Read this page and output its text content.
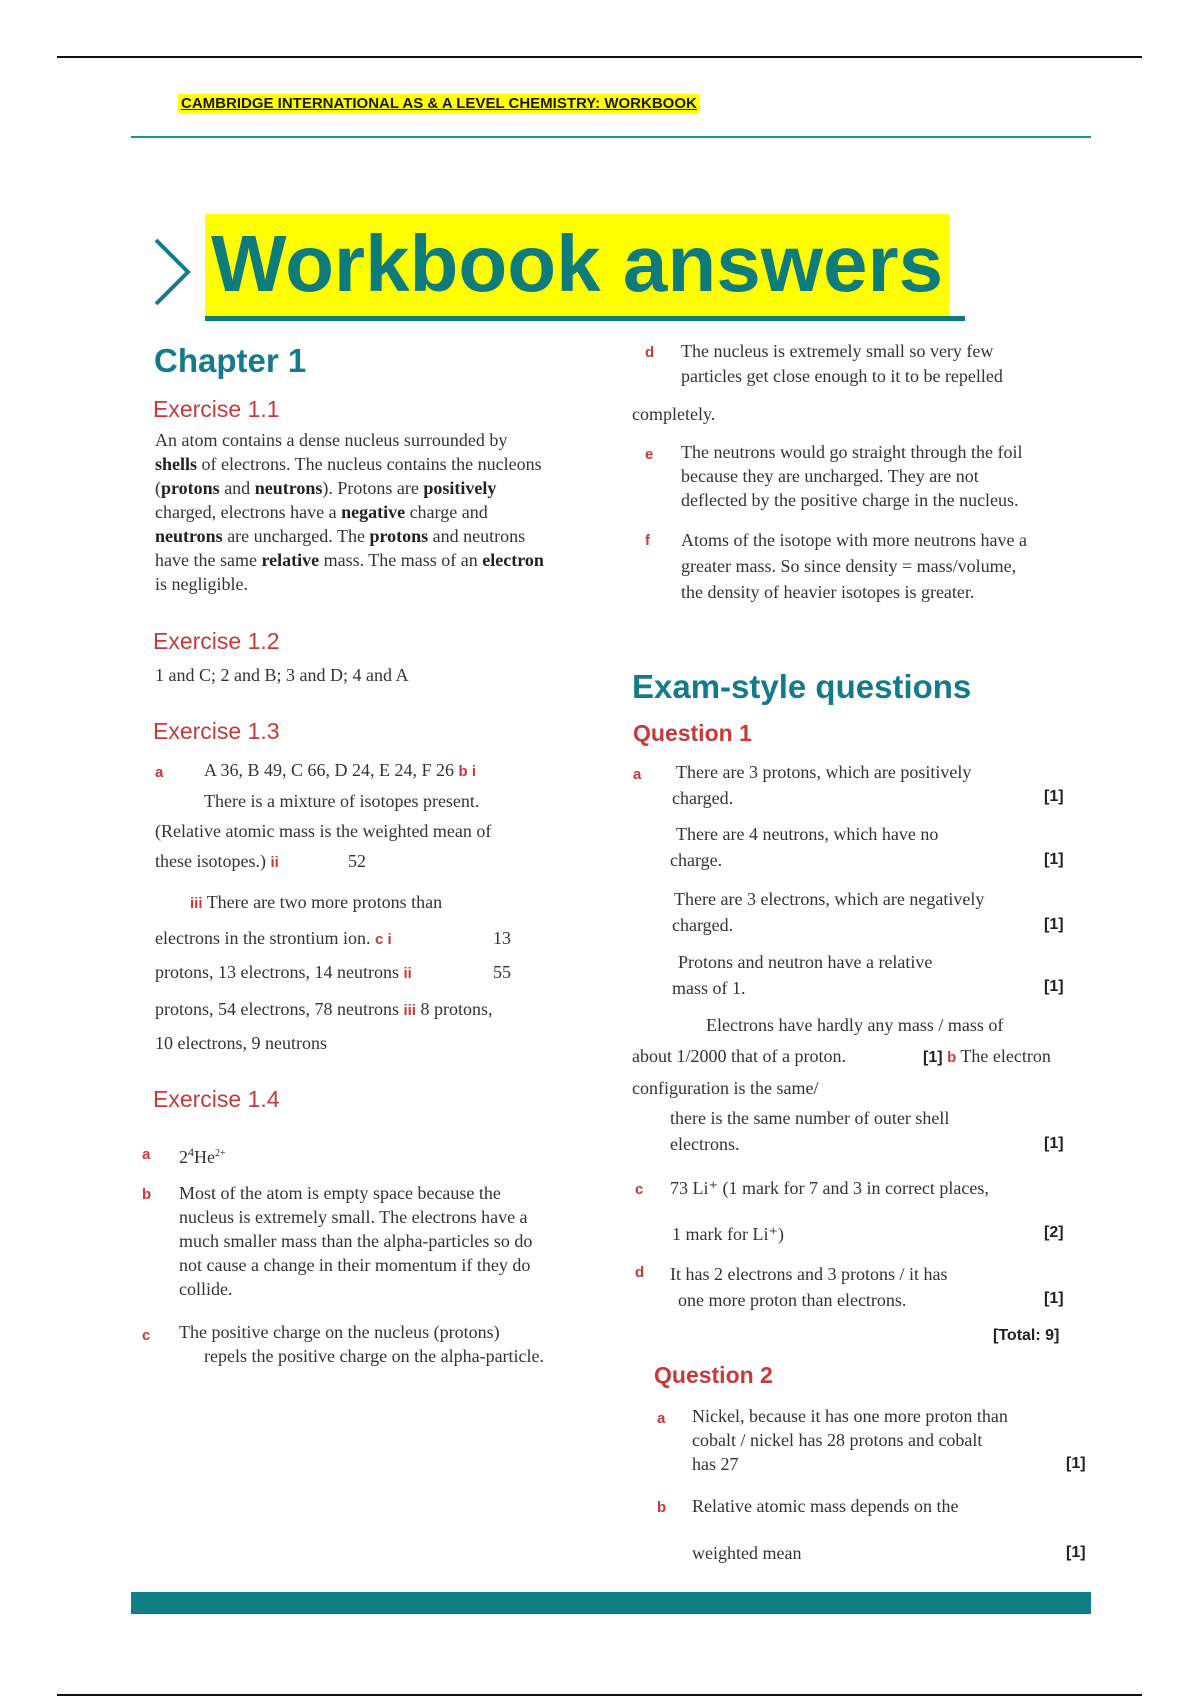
CAMBRIDGE INTERNATIONAL AS & A LEVEL CHEMISTRY: WORKBOOK
Workbook answers
Chapter 1
Exercise 1.1
An atom contains a dense nucleus surrounded by
shells of electrons. The nucleus contains the nucleons
(protons and neutrons). Protons are positively
charged, electrons have a negative charge and
neutrons are uncharged. The protons and neutrons
have the same relative mass. The mass of an electron
is negligible.
Exercise 1.2
1 and C; 2 and B; 3 and D; 4 and A
Exercise 1.3
a A 36, B 49, C 66, D 24, E 24, F 26 b i
There is a mixture of isotopes present.
(Relative atomic mass is the weighted mean of
these isotopes.) ii	52
iii There are two more protons than
electrons in the strontium ion. c i	13
protons, 13 electrons, 14 neutrons ii	55
protons, 54 electrons, 78 neutrons iii 8 protons,
10 electrons, 9 neutrons
Exercise 1.4
a $2^4He^{2+}$
b Most of the atom is empty space because the
nucleus is extremely small. The electrons have a
much smaller mass than the alpha-particles so do
not cause a change in their momentum if they do
collide.
c The positive charge on the nucleus (protons)
repels the positive charge on the alpha-particle.
d The nucleus is extremely small so very few
particles get close enough to it to be repelled
completely.
e The neutrons would go straight through the foil
because they are uncharged. They are not
deflected by the positive charge in the nucleus.
f Atoms of the isotope with more neutrons have a
greater mass. So since density = mass/volume,
the density of heavier isotopes is greater.
Exam-style questions
Question 1
a There are 3 protons, which are positively
charged.	[1]
There are 4 neutrons, which have no
charge.	[1]
There are 3 electrons, which are negatively
charged.	[1]
Protons and neutron have a relative
mass of 1.	[1]
Electrons have hardly any mass / mass of
about 1/2000 that of a proton.	[1] b The electron
configuration is the same/
there is the same number of outer shell
electrons.	[1]
c 73 Li⁺ (1 mark for 7 and 3 in correct places,
1 mark for Li⁺)	[2]
d It has 2 electrons and 3 protons / it has
one more proton than electrons.	[1]
[Total: 9]
Question 2
a Nickel, because it has one more proton than
cobalt / nickel has 28 protons and cobalt
has 27	[1]
b Relative atomic mass depends on the
weighted mean	[1]
